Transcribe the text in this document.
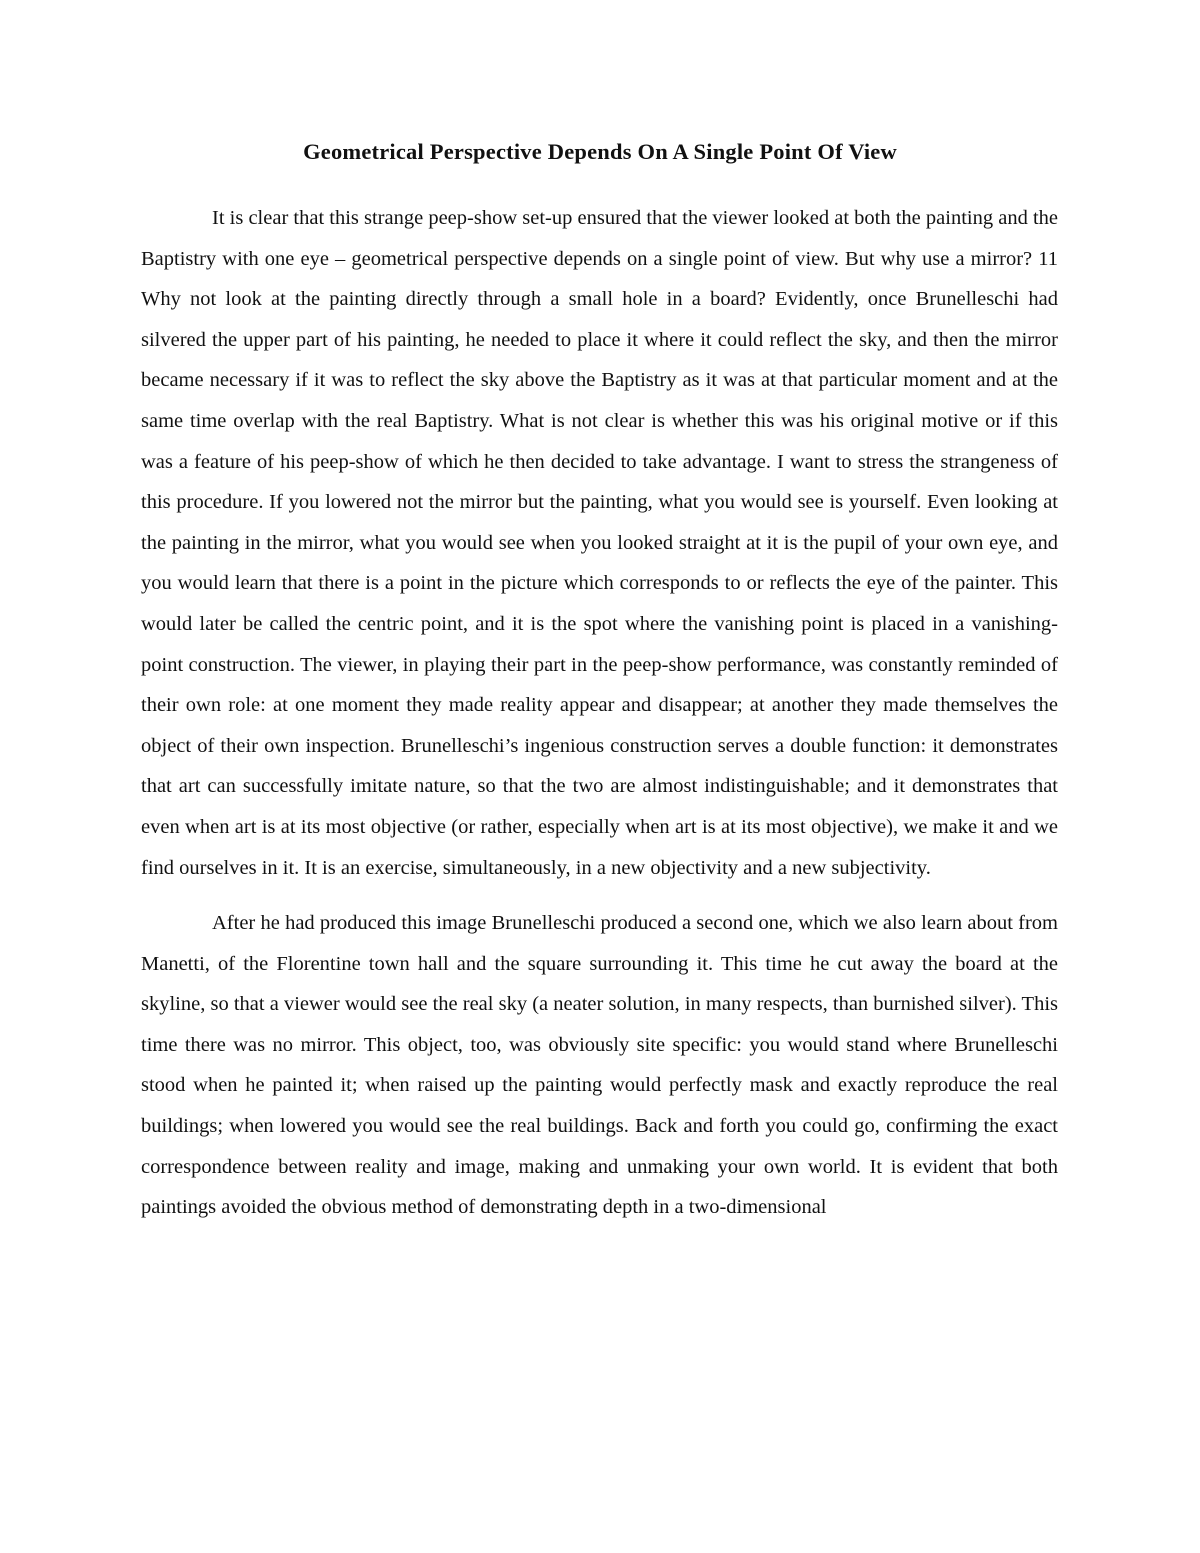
Geometrical Perspective Depends On A Single Point Of View

It is clear that this strange peep-show set-up ensured that the viewer looked at both the painting and the Baptistry with one eye – geometrical perspective depends on a single point of view. But why use a mirror? 11 Why not look at the painting directly through a small hole in a board? Evidently, once Brunelleschi had silvered the upper part of his painting, he needed to place it where it could reflect the sky, and then the mirror became necessary if it was to reflect the sky above the Baptistry as it was at that particular moment and at the same time overlap with the real Baptistry. What is not clear is whether this was his original motive or if this was a feature of his peep-show of which he then decided to take advantage. I want to stress the strangeness of this procedure. If you lowered not the mirror but the painting, what you would see is yourself. Even looking at the painting in the mirror, what you would see when you looked straight at it is the pupil of your own eye, and you would learn that there is a point in the picture which corresponds to or reflects the eye of the painter. This would later be called the centric point, and it is the spot where the vanishing point is placed in a vanishing-point construction. The viewer, in playing their part in the peep-show performance, was constantly reminded of their own role: at one moment they made reality appear and disappear; at another they made themselves the object of their own inspection. Brunelleschi’s ingenious construction serves a double function: it demonstrates that art can successfully imitate nature, so that the two are almost indistinguishable; and it demonstrates that even when art is at its most objective (or rather, especially when art is at its most objective), we make it and we find ourselves in it. It is an exercise, simultaneously, in a new objectivity and a new subjectivity.

After he had produced this image Brunelleschi produced a second one, which we also learn about from Manetti, of the Florentine town hall and the square surrounding it. This time he cut away the board at the skyline, so that a viewer would see the real sky (a neater solution, in many respects, than burnished silver). This time there was no mirror. This object, too, was obviously site specific: you would stand where Brunelleschi stood when he painted it; when raised up the painting would perfectly mask and exactly reproduce the real buildings; when lowered you would see the real buildings. Back and forth you could go, confirming the exact correspondence between reality and image, making and unmaking your own world. It is evident that both paintings avoided the obvious method of demonstrating depth in a two-dimensional
